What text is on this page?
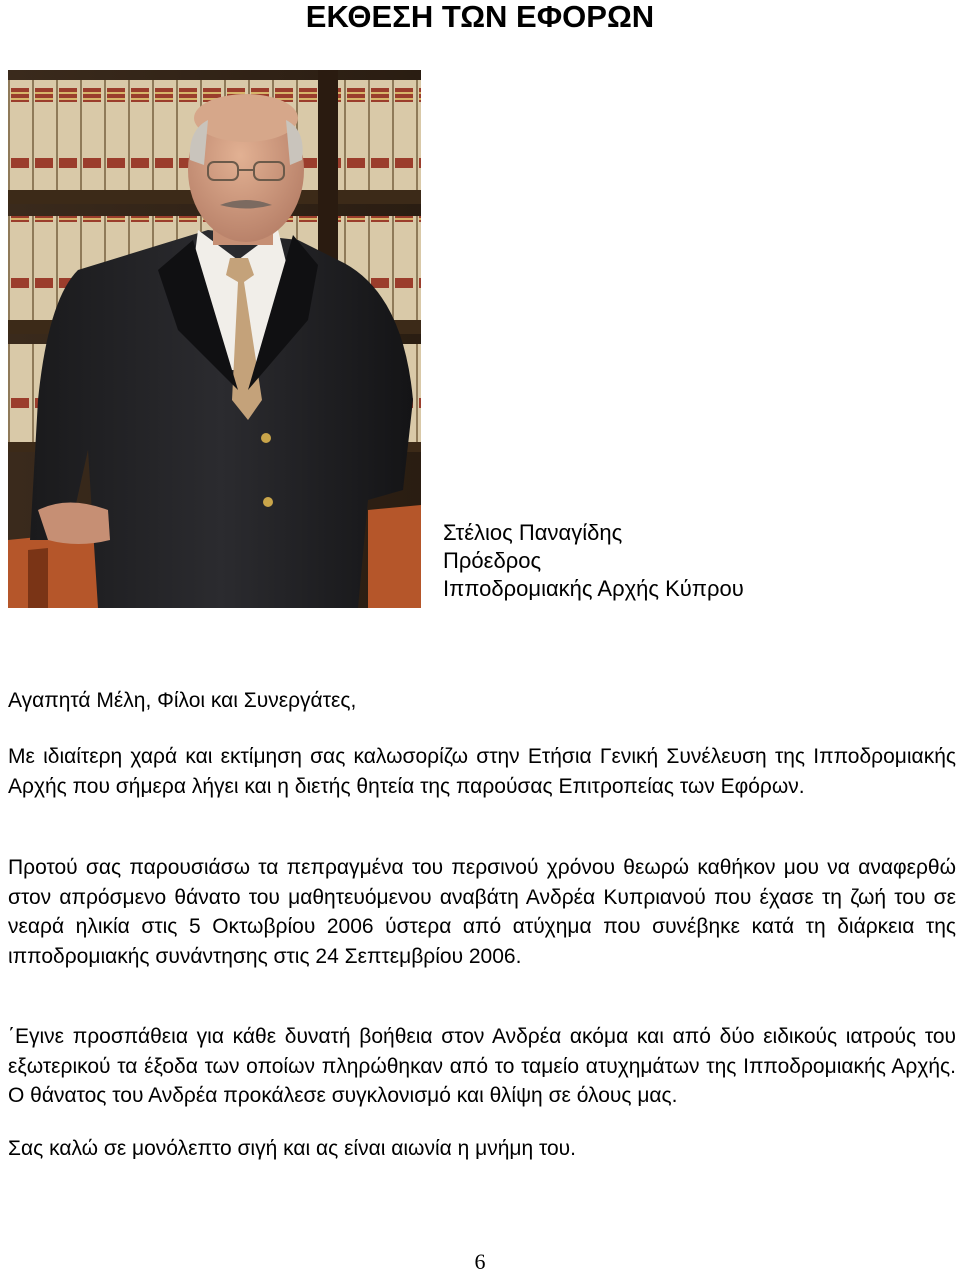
ΕΚΘΕΣΗ ΤΩΝ ΕΦΟΡΩΝ
Στέλιος Παναγίδης
Πρόεδρος
Ιπποδρομιακής Αρχής Κύπρου

Αγαπητά Μέλη, Φίλοι και Συνεργάτες,

Με ιδιαίτερη χαρά και εκτίμηση σας καλωσορίζω στην Ετήσια Γενική Συνέλευση της Ιπποδρομιακής Αρχής που σήμερα λήγει και η διετής θητεία της παρούσας Επιτροπείας των Εφόρων.

Προτού σας παρουσιάσω τα πεπραγμένα του περσινού χρόνου θεωρώ καθήκον μου να αναφερθώ στον απρόσμενο θάνατο του μαθητευόμενου αναβάτη Ανδρέα Κυπριανού που έχασε τη ζωή του σε νεαρά ηλικία στις 5 Οκτωβρίου 2006 ύστερα από ατύχημα που συνέβηκε κατά τη διάρκεια της ιπποδρομιακής συνάντησης στις 24 Σεπτεμβρίου 2006.

΄Εγινε προσπάθεια για κάθε δυνατή βοήθεια στον Ανδρέα ακόμα και από δύο ειδικούς ιατρούς του εξωτερικού τα έξοδα των οποίων πληρώθηκαν από το ταμείο ατυχημάτων της Ιπποδρομιακής Αρχής. Ο θάνατος του Ανδρέα προκάλεσε συγκλονισμό και θλίψη σε όλους μας.

Σας καλώ σε μονόλεπτο σιγή και ας είναι αιωνία η μνήμη του.

6
